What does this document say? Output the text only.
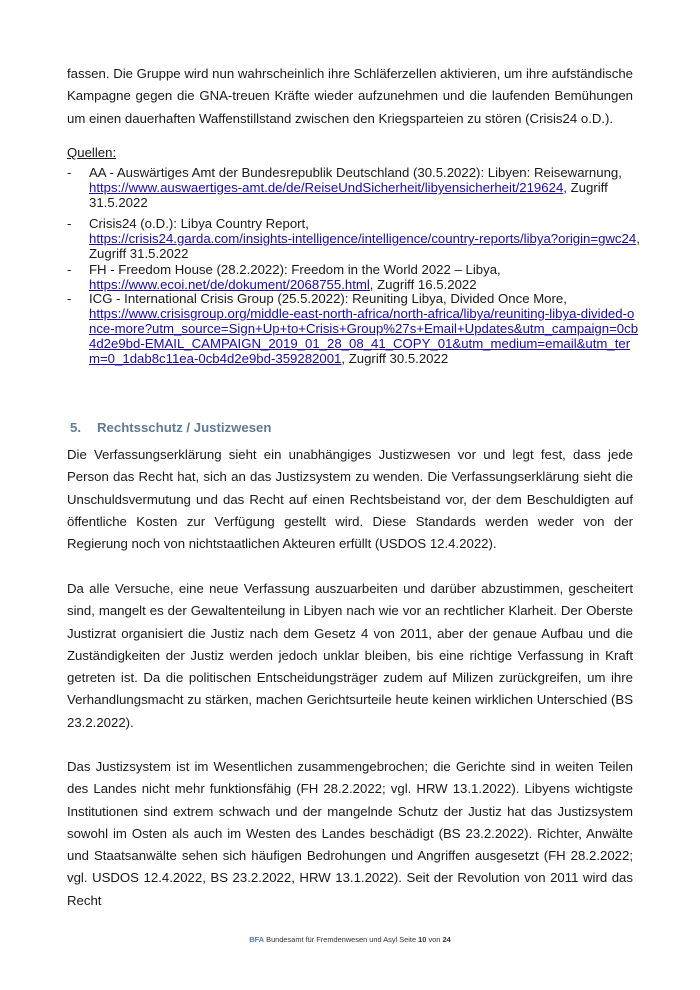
fassen. Die Gruppe wird nun wahrscheinlich ihre Schläferzellen aktivieren, um ihre aufständische Kampagne gegen die GNA-treuen Kräfte wieder aufzunehmen und die laufenden Bemühungen um einen dauerhaften Waffenstillstand zwischen den Kriegsparteien zu stören (Crisis24 o.D.).

Quellen:
- AA - Auswärtiges Amt der Bundesrepublik Deutschland (30.5.2022): Libyen: Reisewarnung,
https://www.auswaertiges-amt.de/de/ReiseUndSicherheit/libyensicherheit/219624, Zugriff 31.5.2022
- Crisis24 (o.D.): Libya Country Report,
https://crisis24.garda.com/insights-intelligence/intelligence/country-reports/libya?origin=gwc24, Zugriff 31.5.2022
- FH - Freedom House (28.2.2022): Freedom in the World 2022 – Libya,
https://www.ecoi.net/de/dokument/2068755.html, Zugriff 16.5.2022
- ICG - International Crisis Group (25.5.2022): Reuniting Libya, Divided Once More,
https://www.crisisgroup.org/middle-east-north-africa/north-africa/libya/reuniting-libya-divided-once-more?utm_source=Sign+Up+to+Crisis+Group%27s+Email+Updates&utm_campaign=0cb4d2e9bd-EMAIL_CAMPAIGN_2019_01_28_08_41_COPY_01&utm_medium=email&utm_term=0_1dab8c11ea-0cb4d2e9bd-359282001, Zugriff 30.5.2022
5. Rechtsschutz / Justizwesen

Die Verfassungserklärung sieht ein unabhängiges Justizwesen vor und legt fest, dass jede Person das Recht hat, sich an das Justizsystem zu wenden. Die Verfassungserklärung sieht die Unschuldsvermutung und das Recht auf einen Rechtsbeistand vor, der dem Beschuldigten auf öffentliche Kosten zur Verfügung gestellt wird. Diese Standards werden weder von der Regierung noch von nichtstaatlichen Akteuren erfüllt (USDOS 12.4.2022).

Da alle Versuche, eine neue Verfassung auszuarbeiten und darüber abzustimmen, gescheitert sind, mangelt es der Gewaltenteilung in Libyen nach wie vor an rechtlicher Klarheit. Der Oberste Justizrat organisiert die Justiz nach dem Gesetz 4 von 2011, aber der genaue Aufbau und die Zuständigkeiten der Justiz werden jedoch unklar bleiben, bis eine richtige Verfassung in Kraft getreten ist. Da die politischen Entscheidungsträger zudem auf Milizen zurückgreifen, um ihre Verhandlungsmacht zu stärken, machen Gerichtsurteile heute keinen wirklichen Unterschied (BS 23.2.2022).

Das Justizsystem ist im Wesentlichen zusammengebrochen; die Gerichte sind in weiten Teilen des Landes nicht mehr funktionsfähig (FH 28.2.2022; vgl. HRW 13.1.2022). Libyens wichtigste Institutionen sind extrem schwach und der mangelnde Schutz der Justiz hat das Justizsystem sowohl im Osten als auch im Westen des Landes beschädigt (BS 23.2.2022). Richter, Anwälte und Staatsanwälte sehen sich häufigen Bedrohungen und Angriffen ausgesetzt (FH 28.2.2022; vgl. USDOS 12.4.2022, BS 23.2.2022, HRW 13.1.2022). Seit der Revolution von 2011 wird das Recht

BFA Bundesamt für Fremdenwesen und Asyl Seite 10 von 24
